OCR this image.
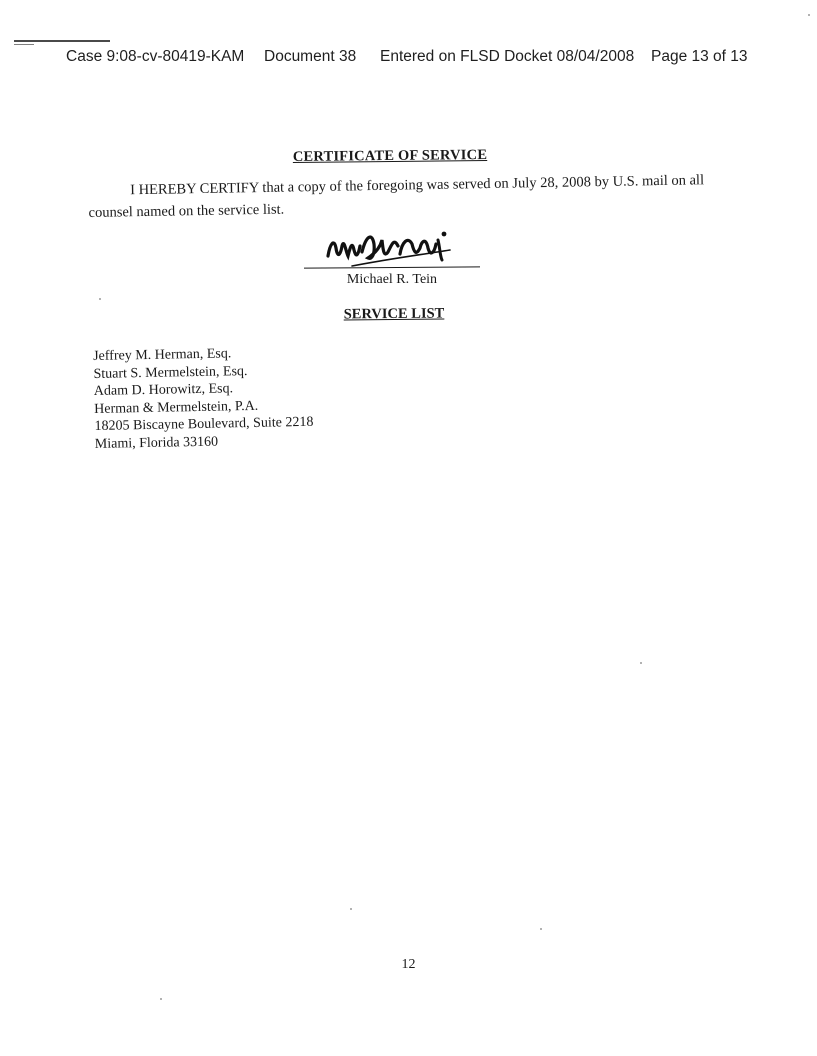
Case 9:08-cv-80419-KAM Document 38 Entered on FLSD Docket 08/04/2008 Page 13 of 13
CERTIFICATE OF SERVICE

I HEREBY CERTIFY that a copy of the foregoing was served on July 28, 2008 by U.S. mail on all counsel named on the service list.

Michael R. Tein
SERVICE LIST
Jeffrey M. Herman, Esq.
Stuart S. Mermelstein, Esq.
Adam D. Horowitz, Esq.
Herman & Mermelstein, P.A.
18205 Biscayne Boulevard, Suite 2218
Miami, Florida 33160
12
